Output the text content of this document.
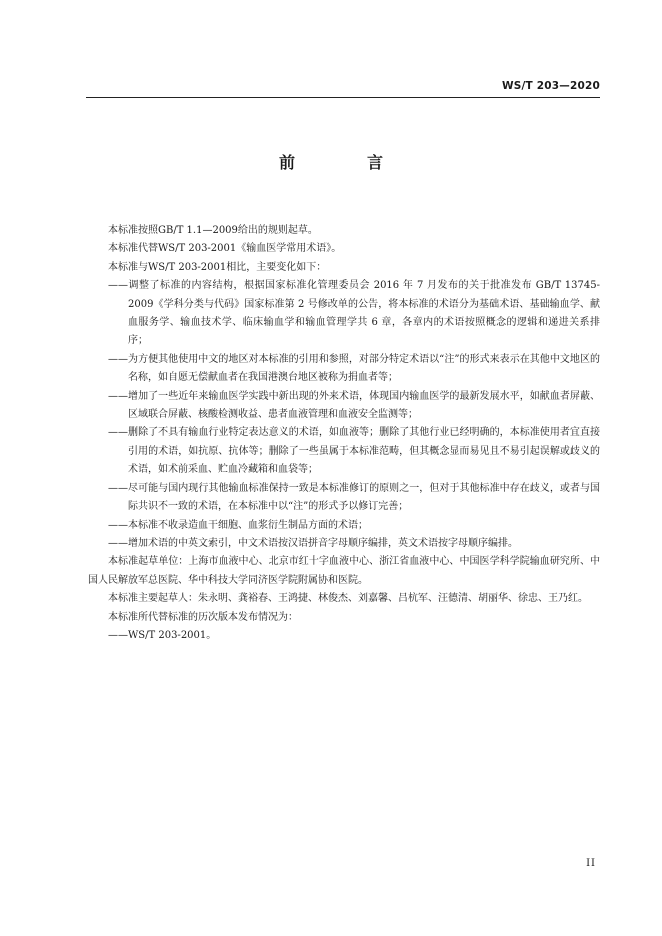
WS/T 203—2020
前　言

本标准按照GB/T 1.1—2009给出的规则起草。

本标准代替WS/T 203-2001《输血医学常用术语》。

本标准与WS/T 203-2001相比，主要变化如下：

——调整了标准的内容结构，根据国家标准化管理委员会 2016 年 7 月发布的关于批准发布 GB/T 13745-2009《学科分类与代码》国家标准第 2 号修改单的公告，将本标准的术语分为基础术语、基础输血学、献血服务学、输血技术学、临床输血学和输血管理学共 6 章，各章内的术语按照概念的逻辑和递进关系排序；

——为方便其他使用中文的地区对本标准的引用和参照，对部分特定术语以“注”的形式来表示在其他中文地区的名称，如自愿无偿献血者在我国港澳台地区被称为捐血者等；

——增加了一些近年来输血医学实践中新出现的外来术语，体现国内输血医学的最新发展水平，如献血者屏蔽、区域联合屏蔽、核酸检测收益、患者血液管理和血液安全监测等；

——删除了不具有输血行业特定表达意义的术语，如血液等；删除了其他行业已经明确的，本标准使用者宜直接引用的术语，如抗原、抗体等；删除了一些虽属于本标准范畴，但其概念显而易见且不易引起误解或歧义的术语，如术前采血、贮血冷藏箱和血袋等；

——尽可能与国内现行其他输血标准保持一致是本标准修订的原则之一，但对于其他标准中存在歧义，或者与国际共识不一致的术语，在本标准中以“注”的形式予以修订完善；

——本标准不收录造血干细胞、血浆衍生制品方面的术语；

——增加术语的中英文索引，中文术语按汉语拼音字母顺序编排，英文术语按字母顺序编排。

本标准起草单位：上海市血液中心、北京市红十字血液中心、浙江省血液中心、中国医学科学院输血研究所、中国人民解放军总医院、华中科技大学同济医学院附属协和医院。

本标准主要起草人：朱永明、龚裕春、王鸿捷、林俊杰、刘嘉馨、吕杭军、汪德清、胡丽华、徐忠、王乃红。

本标准所代替标准的历次版本发布情况为：

——WS/T 203-2001。

II
